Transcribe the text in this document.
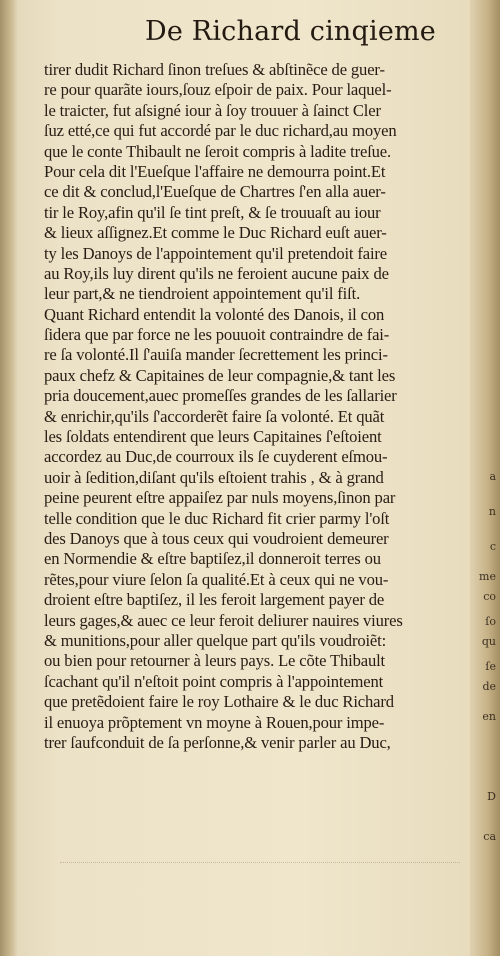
De Richard cinqieme
tirer dudit Richard ſinon treſues & abſtinẽce de guer-
re pour quarãte iours,ſouz eſpoir de paix. Pour laquel-
le traicter, fut aſsigné iour à ſoy trouuer à ſainct Cler
ſuz etté,ce qui fut accordé par le duc richard,au moyen
que le conte Thibault ne ſeroit compris à ladite treſue.
Pour cela dit l'Eueſque l'affaire ne demourra point.Et
ce dit & conclud,l'Eueſque de Chartres ſ'en alla auer-
tir le Roy,afin qu'il ſe tint preſt, & ſe trouuaſt au iour
& lieux aſſignez.Et comme le Duc Richard euſt auer-
ty les Danoys de l'appointement qu'il pretendoit faire
au Roy,ils luy dirent qu'ils ne feroient aucune paix de
leur part,& ne tiendroient appointement qu'il fiſt.
Quant Richard entendit la volonté des Danois, il con
ſidera que par force ne les pouuoit contraindre de fai-
re ſa volonté.Il ſ'auiſa mander ſecrettement les princi-
paux chefz & Capitaines de leur compagnie,& tant les
pria doucement,auec promeſſes grandes de les ſallarier
& enrichir,qu'ils ſ'accorderẽt faire ſa volonté. Et quãt
les ſoldats entendirent que leurs Capitaines ſ'eſtoient
accordez au Duc,de courroux ils ſe cuyderent eſmou-
uoir à ſedition,diſant qu'ils eſtoient trahis , & à grand
peine peurent eſtre appaiſez par nuls moyens,ſinon par
telle condition que le duc Richard fit crier parmy l'oſt
des Danoys que à tous ceux qui voudroient demeurer
en Normendie & eſtre baptiſez,il donneroit terres ou
rẽtes,pour viure ſelon ſa qualité.Et à ceux qui ne vou-
droient eſtre baptiſez, il les feroit largement payer de
leurs gages,& auec ce leur feroit deliurer nauires viures
& munitions,pour aller quelque part qu'ils voudroiẽt:
ou bien pour retourner à leurs pays. Le cõte Thibault
ſcachant qu'il n'eſtoit point compris à l'appointement
que pretẽdoient faire le roy Lothaire & le duc Richard
il enuoya prõptement vn moyne à Rouen,pour impe-
trer ſaufconduit de ſa perſonne,& venir parler au Duc,
a
n
c
me
co
ſo
qu
ſe
de
en
D
ca
